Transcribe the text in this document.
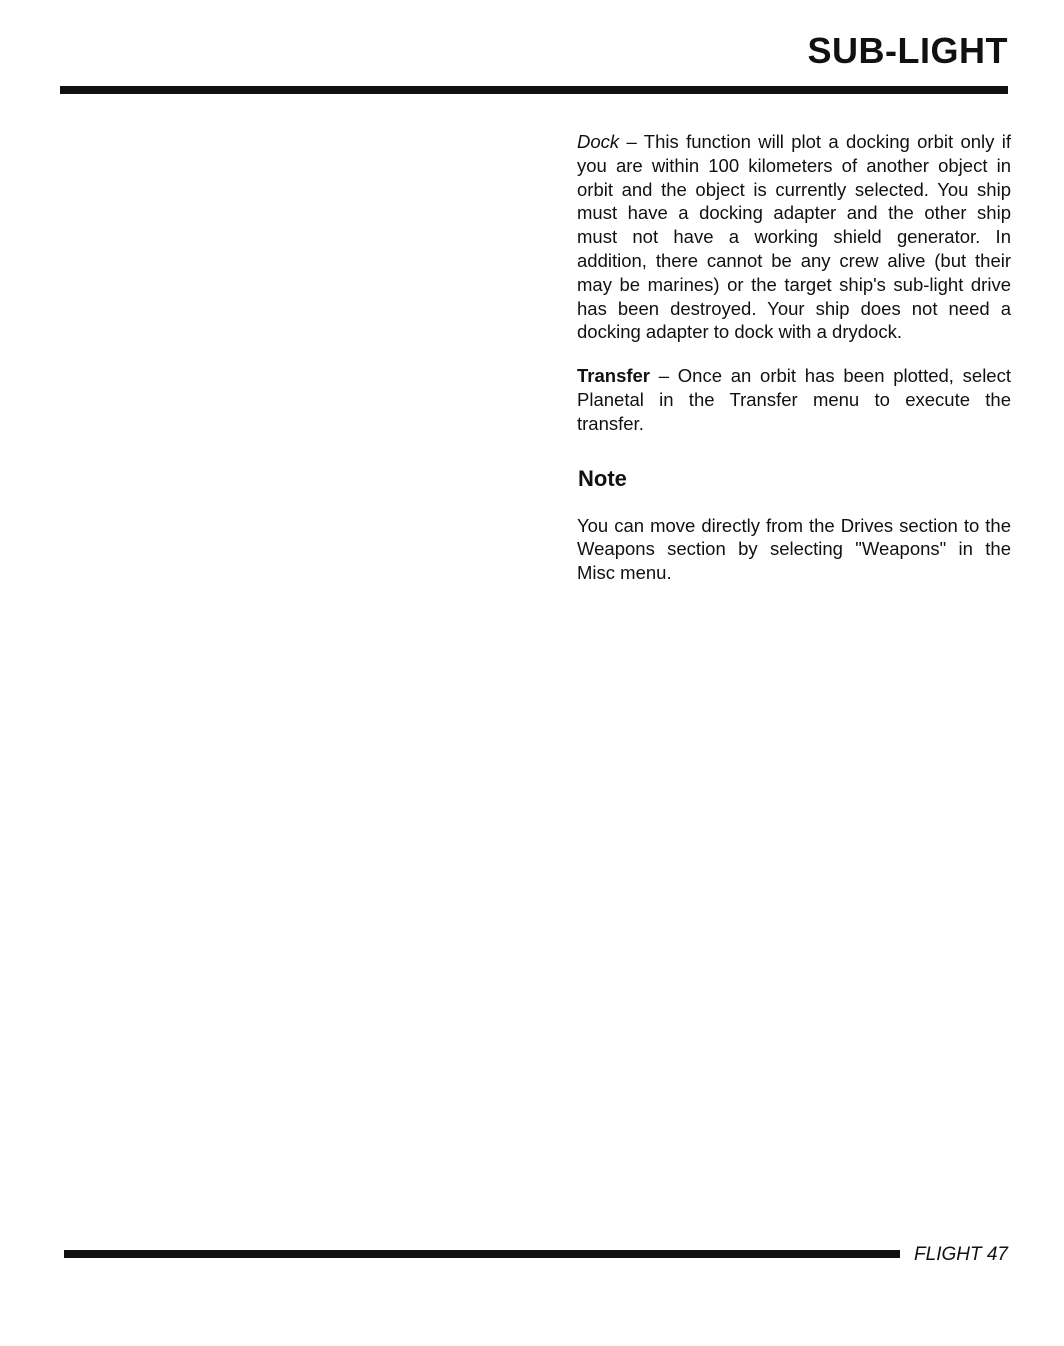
SUB-LIGHT

Dock – This function will plot a docking orbit only if you are within 100 kilometers of another object in orbit and the object is currently selected. You ship must have a docking adapter and the other ship must not have a working shield generator. In addition, there cannot be any crew alive (but their may be marines) or the target ship's sub-light drive has been destroyed. Your ship does not need a docking adapter to dock with a drydock.

Transfer – Once an orbit has been plotted, select Planetal in the Transfer menu to execute the transfer.

Note

You can move directly from the Drives section to the Weapons section by selecting "Weapons" in the Misc menu.

FLIGHT 47
